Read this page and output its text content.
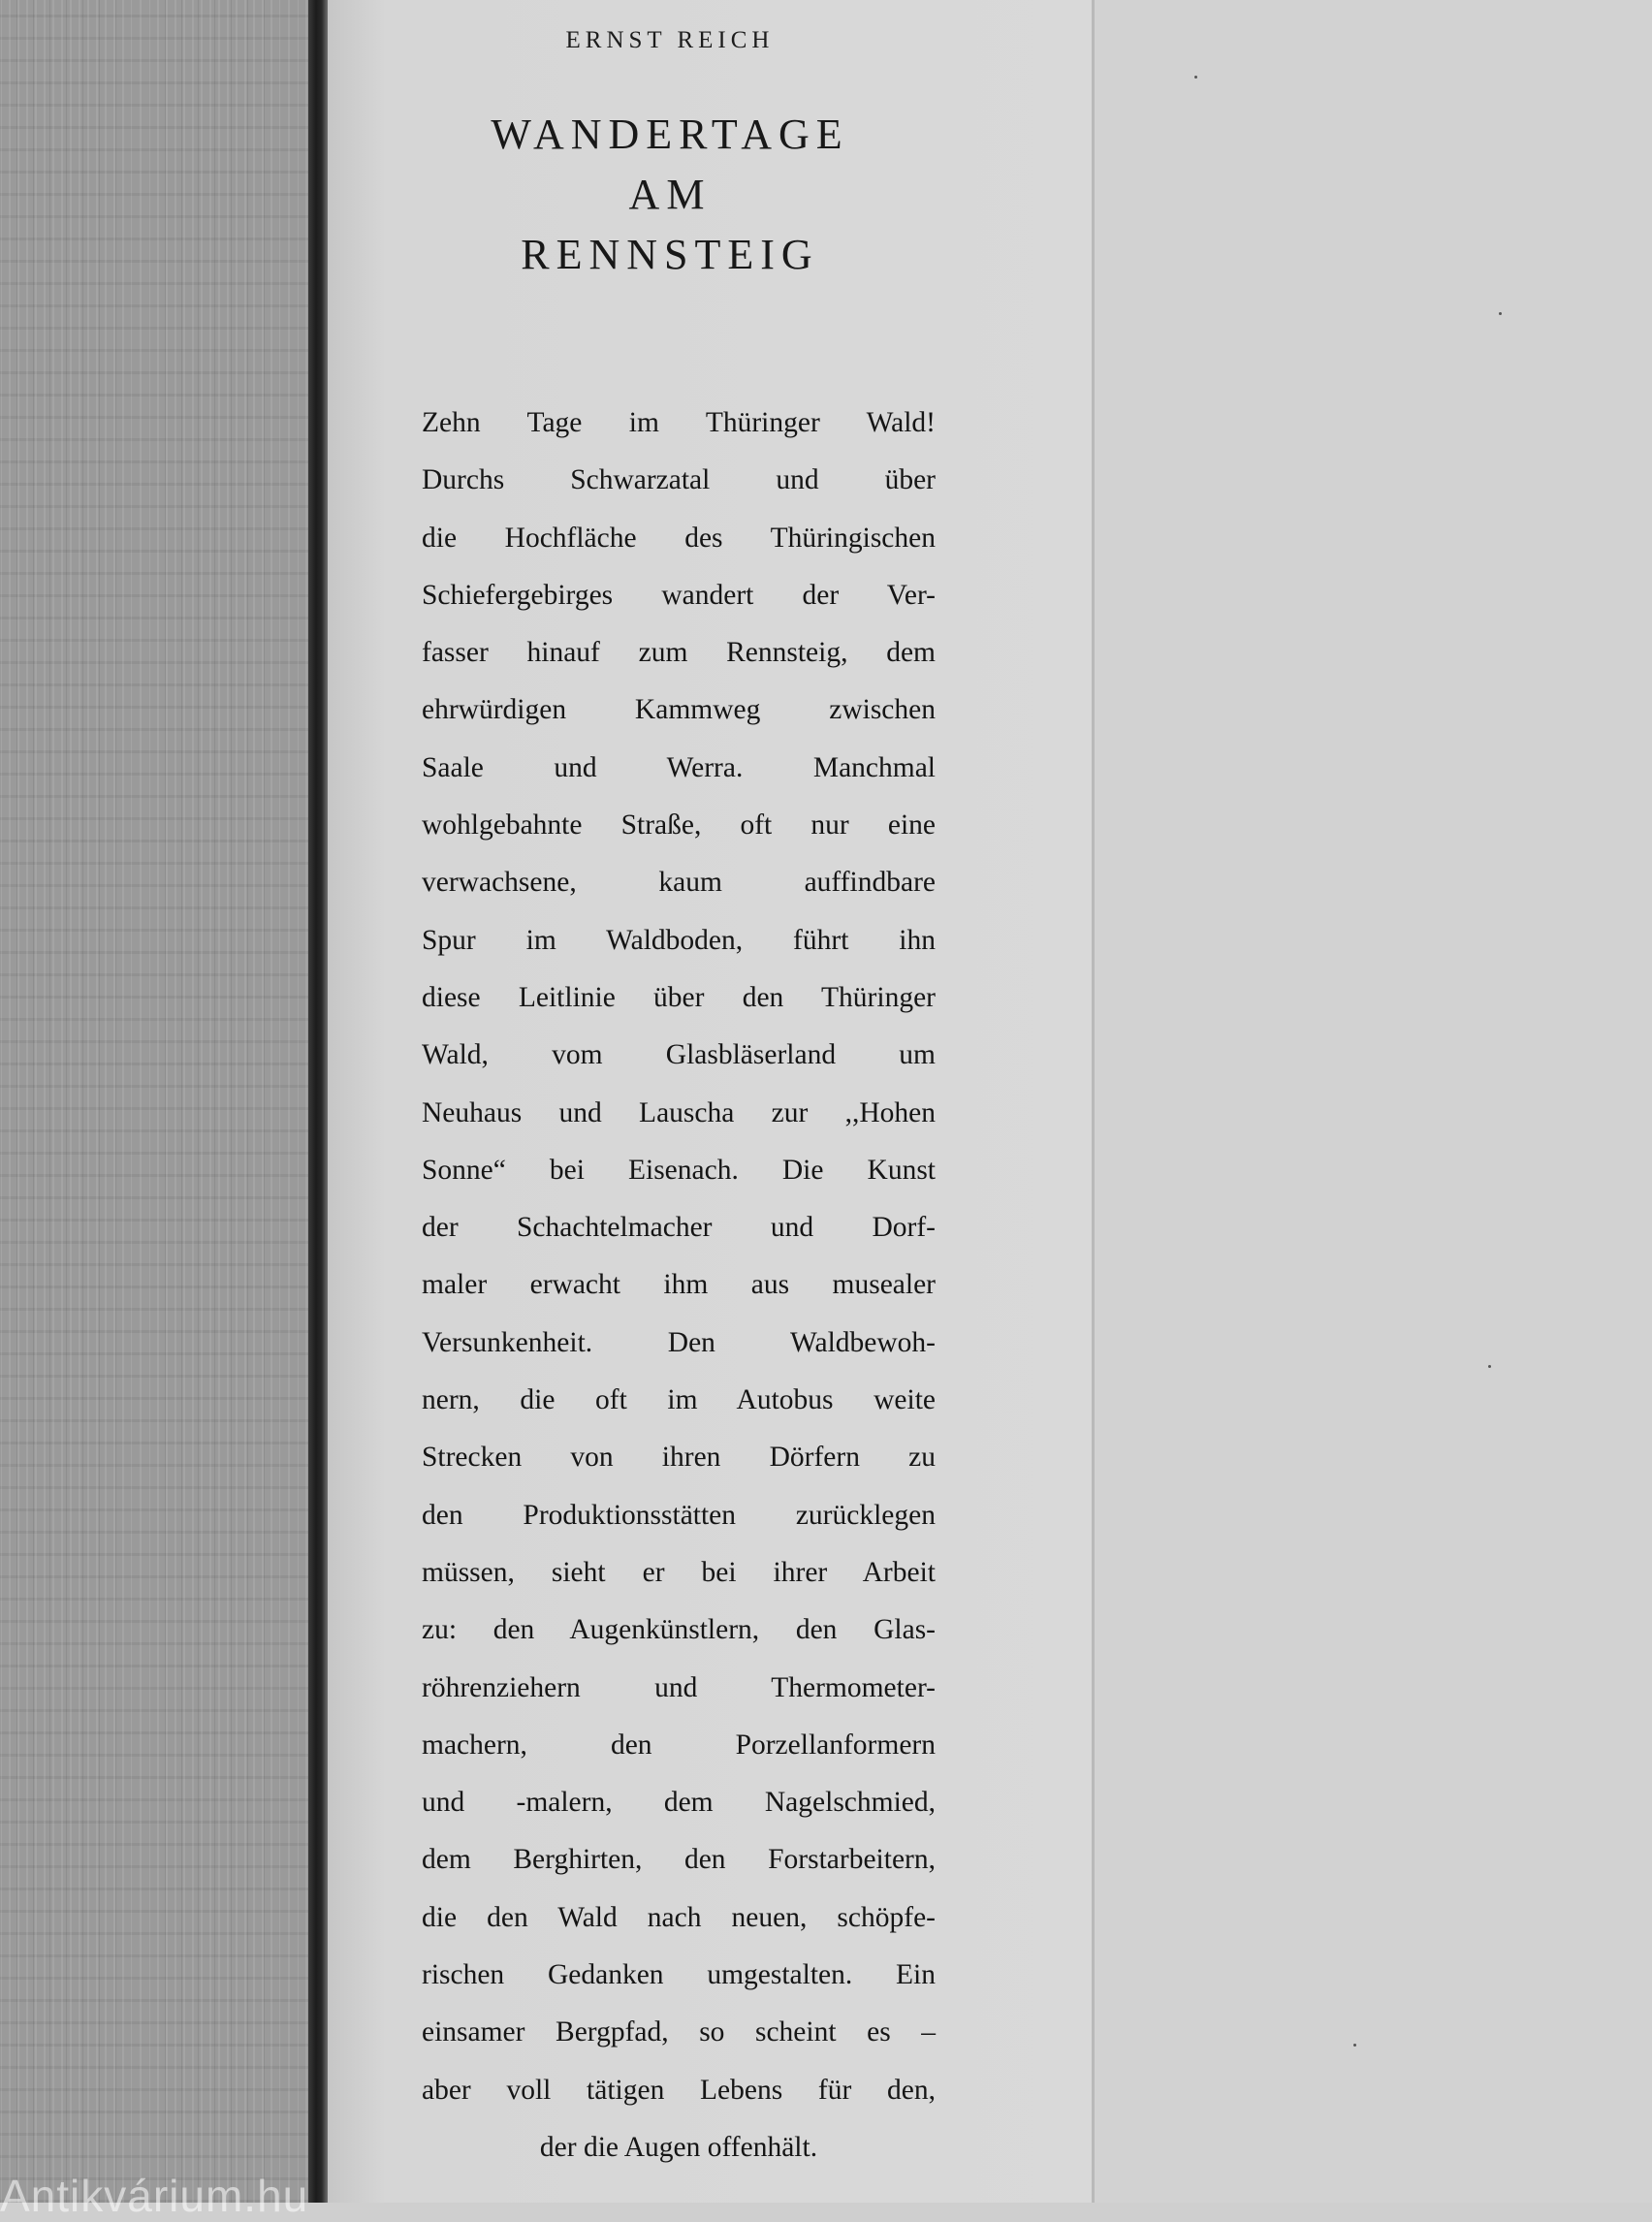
ERNST REICH
WANDERTAGE
AM
RENNSTEIG
Zehn Tage im Thüringer Wald!
Durchs Schwarzatal und über
die Hochfläche des Thüringischen
Schiefergebirges wandert der Ver-
fasser hinauf zum Rennsteig, dem
ehrwürdigen Kammweg zwischen
Saale und Werra. Manchmal
wohlgebahnte Straße, oft nur eine
verwachsene, kaum auffindbare
Spur im Waldboden, führt ihn
diese Leitlinie über den Thüringer
Wald, vom Glasbläserland um
Neuhaus und Lauscha zur ,,Hohen
Sonne“ bei Eisenach. Die Kunst
der Schachtelmacher und Dorf-
maler erwacht ihm aus musealer
Versunkenheit. Den Waldbewoh-
nern, die oft im Autobus weite
Strecken von ihren Dörfern zu
den Produktionsstätten zurücklegen
müssen, sieht er bei ihrer Arbeit
zu: den Augenkünstlern, den Glas-
röhrenziehern und Thermometer-
machern, den Porzellanformern
und -malern, dem Nagelschmied,
dem Berghirten, den Forstarbeitern,
die den Wald nach neuen, schöpfe-
rischen Gedanken umgestalten. Ein
einsamer Bergpfad, so scheint es –
aber voll tätigen Lebens für den,
der die Augen offenhält.
Antikvárium.hu
